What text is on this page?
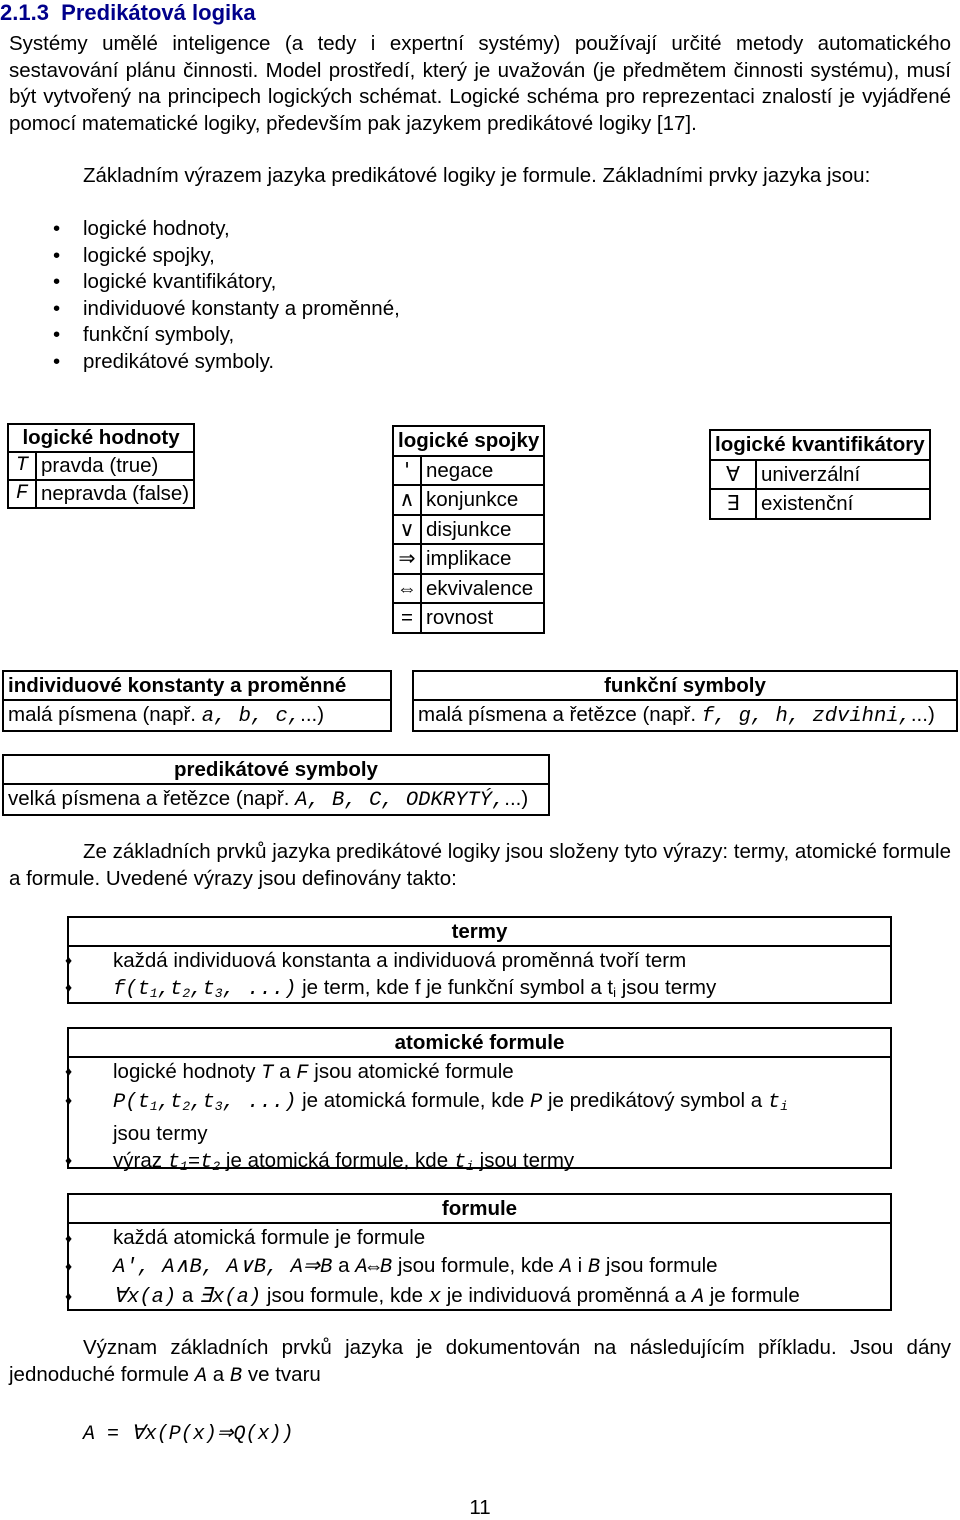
2.1.3 Predikátová logika

Systémy umělé inteligence (a tedy i expertní systémy) používají určité metody automatického sestavování plánu činnosti. Model prostředí, který je uvažován (je předmětem činnosti systému), musí být vytvořený na principech logických schémat. Logické schéma pro reprezentaci znalostí je vyjádřené pomocí matematické logiky, především pak jazykem predikátové logiky [17].

Základním výrazem jazyka predikátové logiky je formule. Základními prvky jazyka jsou:

• logické hodnoty,
• logické spojky,
• logické kvantifikátory,
• individuové konstanty a proměnné,
• funkční symboly,
• predikátové symboly.
logické hodnoty	
T	pravda (true)
F	nepravda (false)
logické spojky	
'	negace
∧	konjunkce
∨	disjunkce
⇒	implikace
⇔	ekvivalence
=	rovnost
logické kvantifikátory	
∀	univerzální
∃	existenční
individuové konstanty a proměnné
malá písmena (např. a, b, c,...)
funkční symboly
malá písmena a řetězce (např. f, g, h, zdvihni,...)
predikátové symboly
velká písmena a řetězce (např. A, B, C, ODKRYTÝ,...)

Ze základních prvků jazyka predikátové logiky jsou složeny tyto výrazy: termy, atomické formule a formule. Uvedené výrazy jsou definovány takto:

termy
♦ každá individuová konstanta a individuová proměnná tvoří term
♦ $f(t_1,t_2,t_3$, ...) je term, kde f je funkční symbol a $t_i$ jsou termy
atomické formule
♦ logické hodnoty T a F jsou atomické formule
♦ $P(t_1,t_2,t_3$, ...) je atomická formule, kde P je predikátový symbol a $t_i$
jsou termy
♦ výraz $t_1=t_2$ je atomická formule, kde $t_i$ jsou termy
formule
♦ každá atomická formule je formule
♦ A', A∧B, A∨B, A⇒B a A⇔B jsou formule, kde A i B jsou formule
♦ ∀x(a) a ∃x(a) jsou formule, kde x je individuová proměnná a A je formule

Význam základních prvků jazyka je dokumentován na následujícím příkladu. Jsou dány jednoduché formule A a B ve tvaru

A = ∀x(P(x)⇒Q(x))
11
